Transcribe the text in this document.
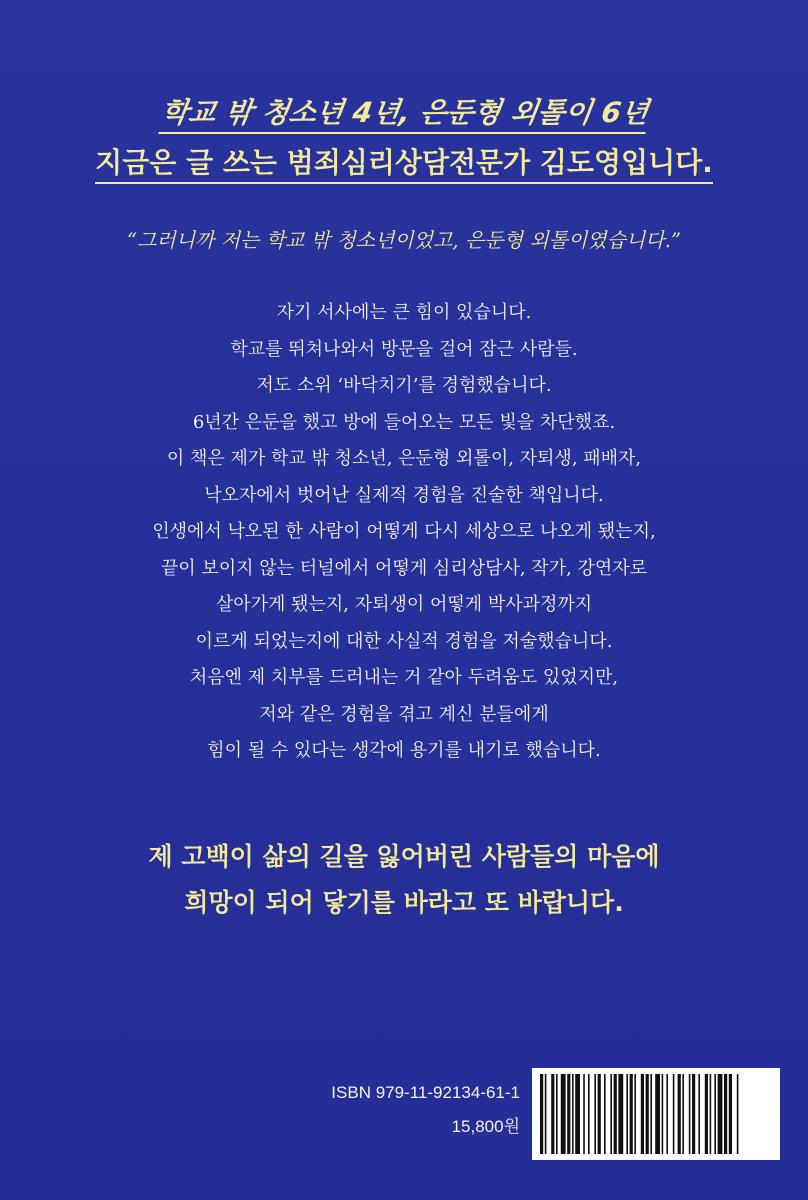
학교 밖 청소년 4년, 은둔형 외톨이 6년
지금은 글 쓰는 범죄심리상담전문가 김도영입니다.
“그러니까 저는 학교 밖 청소년이었고, 은둔형 외톨이였습니다.”
자기 서사에는 큰 힘이 있습니다.
학교를 뛰쳐나와서 방문을 걸어 잠근 사람들.
저도 소위 ‘바닥치기’를 경험했습니다.
6년간 은둔을 했고 방에 들어오는 모든 빛을 차단했죠.
이 책은 제가 학교 밖 청소년, 은둔형 외톨이, 자퇴생, 패배자,
낙오자에서 벗어난 실제적 경험을 진술한 책입니다.
인생에서 낙오된 한 사람이 어떻게 다시 세상으로 나오게 됐는지,
끝이 보이지 않는 터널에서 어떻게 심리상담사, 작가, 강연자로
살아가게 됐는지, 자퇴생이 어떻게 박사과정까지
이르게 되었는지에 대한 사실적 경험을 저술했습니다.
처음엔 제 치부를 드러내는 거 같아 두려움도 있었지만,
저와 같은 경험을 겪고 계신 분들에게
힘이 될 수 있다는 생각에 용기를 내기로 했습니다.
제 고백이 삶의 길을 잃어버린 사람들의 마음에
희망이 되어 닿기를 바라고 또 바랍니다.
ISBN 979-11-92134-61-1
15,800원
